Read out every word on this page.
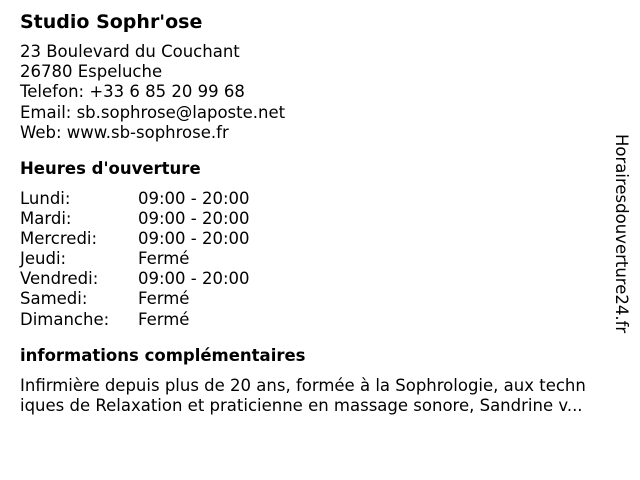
Studio Sophr'ose
23 Boulevard du Couchant
26780 Espeluche
Telefon: +33 6 85 20 99 68
Email: sb.sophrose@laposte.net
Web: www.sb-sophrose.fr
Heures d'ouverture
Lundi:	09:00 - 20:00
Mardi:	09:00 - 20:00
Mercredi:	09:00 - 20:00
Jeudi:	Fermé
Vendredi:	09:00 - 20:00
Samedi:	Fermé
Dimanche:	Fermé
informations complémentaires
Infirmière depuis plus de 20 ans, formée à la Sophrologie, aux techn
iques de Relaxation et praticienne en massage sonore, Sandrine v...
Horairesdouverture24.fr
